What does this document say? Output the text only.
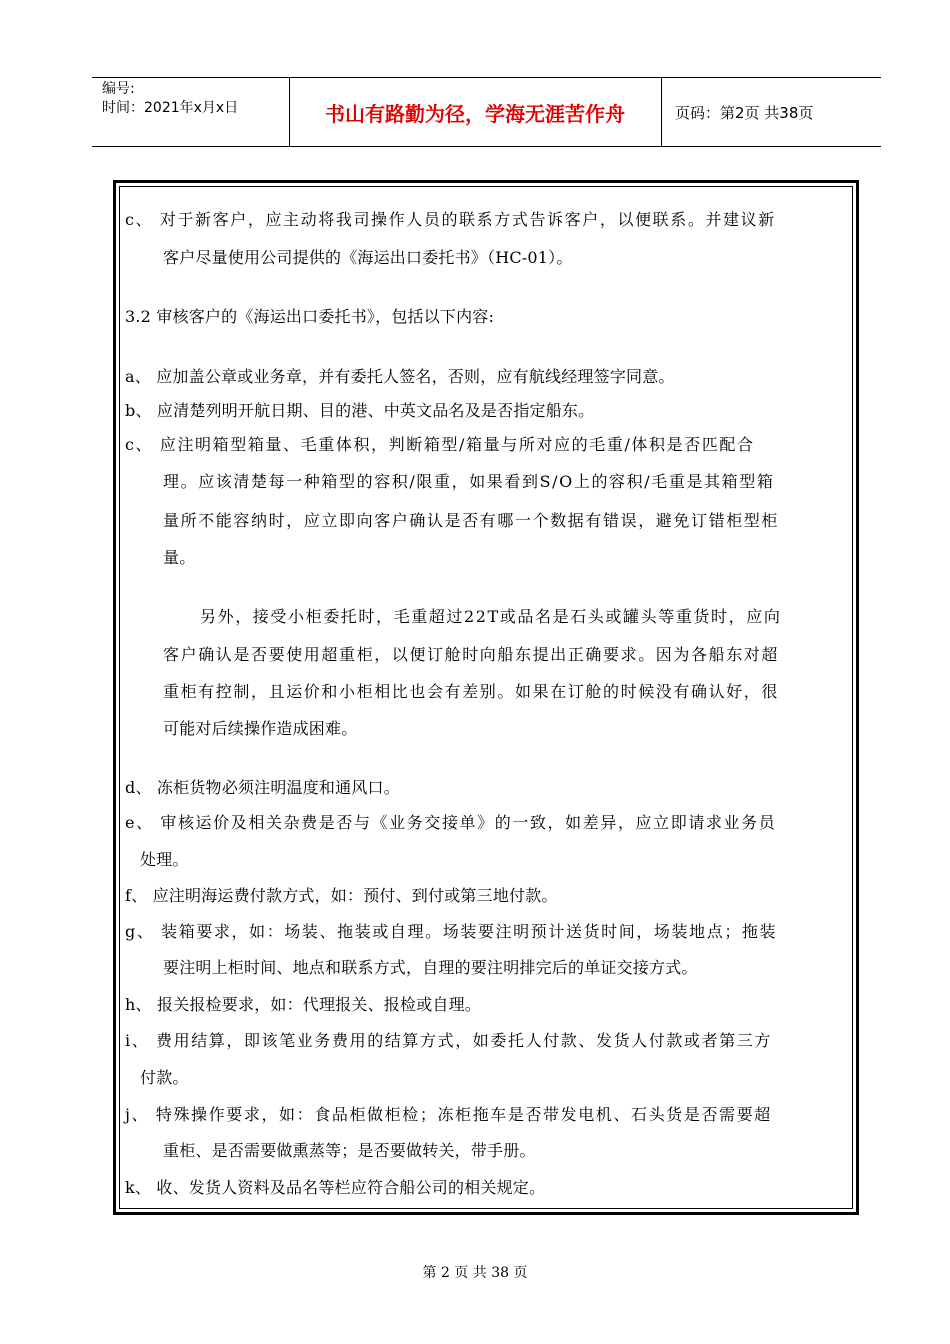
编号:
时间：2021年x月x日	书山有路勤为径，学海无涯苦作舟	页码：第2页 共38页
c、 对于新客户，应主动将我司操作人员的联系方式告诉客户，以便联系。并建议新
客户尽量使用公司提供的《海运出口委托书》（HC-01）。
3.2 审核客户的《海运出口委托书》，包括以下内容:
a、 应加盖公章或业务章，并有委托人签名，否则，应有航线经理签字同意。
b、 应清楚列明开航日期、目的港、中英文品名及是否指定船东。
c、 应注明箱型箱量、毛重体积，判断箱型/箱量与所对应的毛重/体积是否匹配合
理。应该清楚每一种箱型的容积/限重，如果看到S/O上的容积/毛重是其箱型箱
量所不能容纳时，应立即向客户确认是否有哪一个数据有错误，避免订错柜型柜
量。
另外，接受小柜委托时，毛重超过22T或品名是石头或罐头等重货时，应向
客户确认是否要使用超重柜，以便订舱时向船东提出正确要求。因为各船东对超
重柜有控制，且运价和小柜相比也会有差别。如果在订舱的时候没有确认好，很
可能对后续操作造成困难。
d、 冻柜货物必须注明温度和通风口。
e、 审核运价及相关杂费是否与《业务交接单》的一致，如差异，应立即请求业务员
处理。
f、 应注明海运费付款方式，如：预付、到付或第三地付款。
g、 装箱要求，如：场装、拖装或自理。场装要注明预计送货时间，场装地点；拖装
要注明上柜时间、地点和联系方式，自理的要注明排完后的单证交接方式。
h、 报关报检要求，如：代理报关、报检或自理。
i、 费用结算，即该笔业务费用的结算方式，如委托人付款、发货人付款或者第三方
付款。
j、 特殊操作要求，如：食品柜做柜检；冻柜拖车是否带发电机、石头货是否需要超
重柜、是否需要做熏蒸等；是否要做转关，带手册。
k、 收、发货人资料及品名等栏应符合船公司的相关规定。
第 2 页 共 38 页
